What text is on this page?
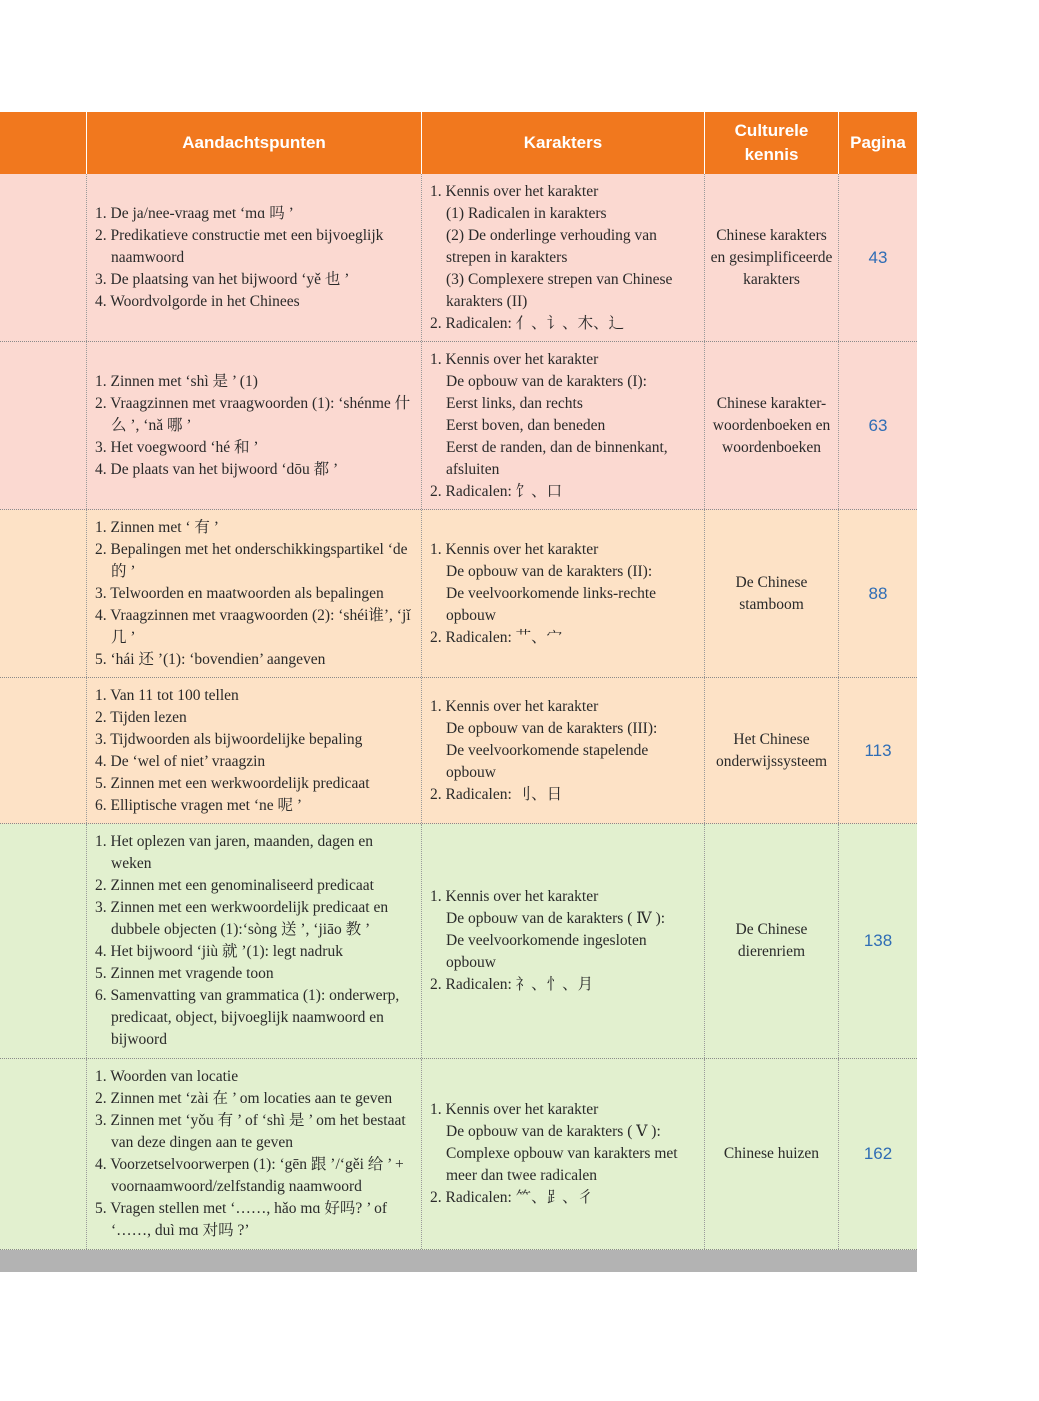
Aandachtspunten	Karakters
Culturele kennis
Pagina
1. De ja/nee-vraag met ‘mɑ 吗 ’
2. Predikatieve constructie met een bijvoeglijk naamwoord
3. De plaatsing van het bijwoord ‘yě 也 ’
4. Woordvolgorde in het Chinees
1. Kennis over het karakter
(1) Radicalen in karakters
(2) De onderlinge verhouding van strepen in karakters
(3) Complexere strepen van Chinese karakters (II)
2. Radicalen: 亻、讠、木、辶
Chinese karakters en gesimplificeerde karakters
43
1. Zinnen met ‘shì 是 ’ (1)
2. Vraagzinnen met vraagwoorden (1): ‘shénme 什么 ’, ‘nǎ 哪 ’
3. Het voegwoord ‘hé 和 ’
4. De plaats van het bijwoord ‘dōu 都 ’
1. Kennis over het karakter
De opbouw van de karakters (I):
Eerst links, dan rechts
Eerst boven, dan beneden
Eerst de randen, dan de binnenkant, afsluiten
2. Radicalen: 饣、口
Chinese karakter-woordenboeken en woordenboeken
63
1. Zinnen met ‘ 有 ’
2. Bepalingen met het onderschikkingspartikel ‘de 的 ’
3. Telwoorden en maatwoorden als bepalingen
4. Vraagzinnen met vraagwoorden (2): ‘shéi谁’, ‘jǐ 几 ’
5. ‘hái 还 ’(1): ‘bovendien’ aangeven
1. Kennis over het karakter
De opbouw van de karakters (II):
De veelvoorkomende links-rechte opbouw
2. Radicalen: 艹、宀
De Chinese stamboom
88
1. Van 11 tot 100 tellen
2. Tijden lezen
3. Tijdwoorden als bijwoordelijke bepaling
4. De ‘wel of niet’ vraagzin
5. Zinnen met een werkwoordelijk predicaat
6. Elliptische vragen met ‘ne 呢 ’
1. Kennis over het karakter
De opbouw van de karakters (III):
De veelvoorkomende stapelende opbouw
2. Radicalen: 刂、日
Het Chinese onderwijssysteem
113
1. Het oplezen van jaren, maanden, dagen en weken
2. Zinnen met een genominaliseerd predicaat
3. Zinnen met een werkwoordelijk predicaat en dubbele objecten (1):‘sòng 送 ’, ‘jiāo 教 ’
4. Het bijwoord ‘jiù 就 ’(1): legt nadruk
5. Zinnen met vragende toon
6. Samenvatting van grammatica (1): onderwerp, predicaat, object, bijvoeglijk naamwoord en bijwoord
1. Kennis over het karakter
De opbouw van de karakters ( Ⅳ ):
De veelvoorkomende ingesloten opbouw
2. Radicalen: 礻、忄、月
De Chinese dierenriem
138
1. Woorden van locatie
2. Zinnen met ‘zài 在 ’ om locaties aan te geven
3. Zinnen met ‘yǒu 有 ’ of ‘shì 是 ’ om het bestaat van deze dingen aan te geven
4. Voorzetselvoorwerpen (1): ‘gēn 跟 ’/‘gěi 给 ’ + voornaamwoord/zelfstandig naamwoord
5. Vragen stellen met ‘……, hǎo mɑ 好吗? ’ of ‘……, duì mɑ 对吗 ?’
1. Kennis over het karakter
De opbouw van de karakters ( Ⅴ ):
Complexe opbouw van karakters met meer dan twee radicalen
2. Radicalen: ⺮、⻊、彳
Chinese huizen	162
